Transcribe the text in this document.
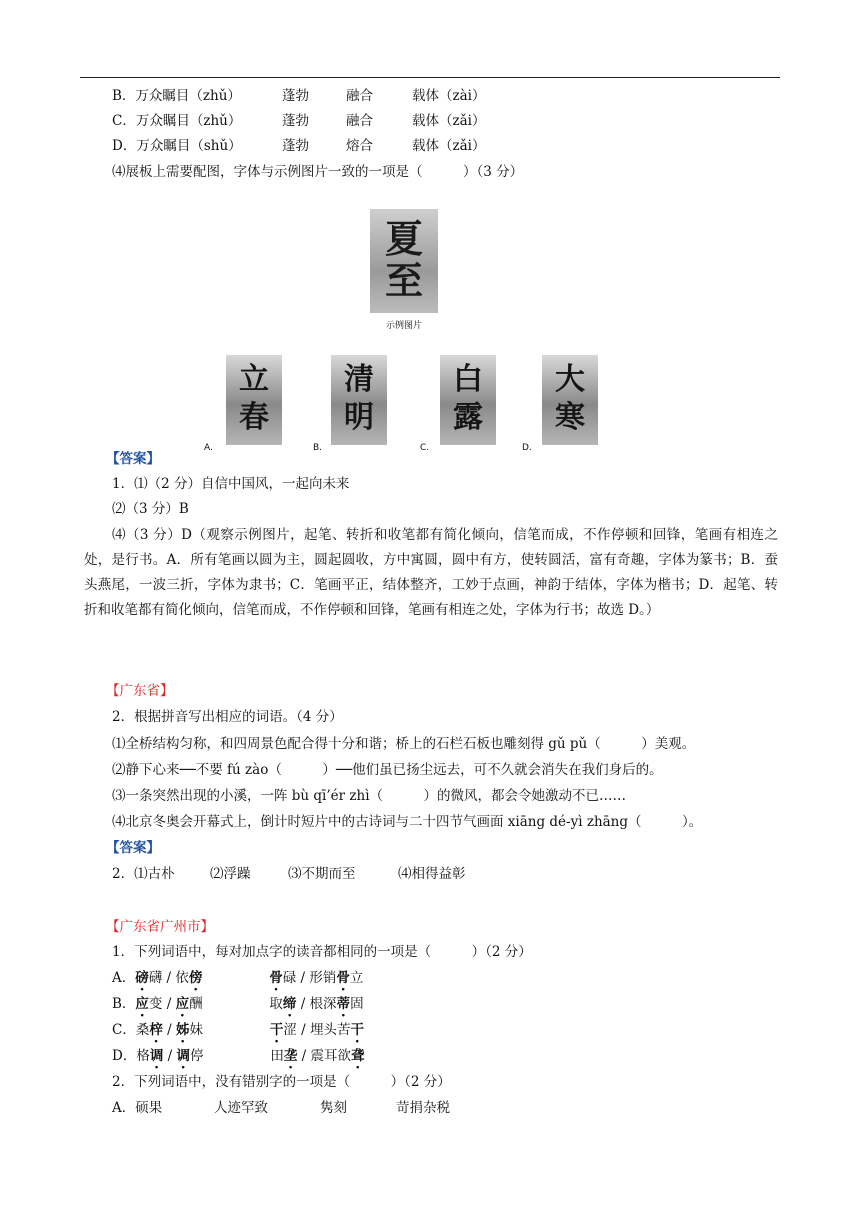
B．万众瞩目（zhǔ）	蓬勃	融合	载体（zài）
C．万众瞩目（zhǔ）	蓬勃	融合	载体（zǎi）
D．万众瞩目（shǔ）	蓬勃	熔合	载体（zǎi）
⑷展板上需要配图，字体与示例图片一致的一项是（　　　）（3 分）
夏
至
示例图片
立
春
A.
清
明
B.
白
露
C.
大
寒
D.
【答案】
1．⑴（2 分）自信中国风，一起向未来
⑵（3 分）B
⑷（3 分）D（观察示例图片，起笔、转折和收笔都有简化倾向，信笔而成，不作停顿和回锋，笔画有相连之处，是行书。A．所有笔画以圆为主，圆起圆收，方中寓圆，圆中有方，使转圆活，富有奇趣，字体为篆书；B．蚕头燕尾，一波三折，字体为隶书；C．笔画平正，结体整齐，工妙于点画，神韵于结体，字体为楷书；D．起笔、转折和收笔都有简化倾向，信笔而成，不作停顿和回锋，笔画有相连之处，字体为行书；故选 D。）
【广东省】
2．根据拼音写出相应的词语。（4 分）
⑴全桥结构匀称，和四周景色配合得十分和谐；桥上的石栏石板也雕刻得 gǔ pǔ（　　　）美观。
⑵静下心来──不要 fú zào（　　　）──他们虽已扬尘远去，可不久就会消失在我们身后的。
⑶一条突然出现的小溪，一阵 bù qī’ér zhì（　　　）的微风，都会令她激动不已……
⑷北京冬奥会开幕式上，倒计时短片中的古诗词与二十四节气画面 xiāng dé-yì zhāng（　　　）。
【答案】
2．⑴古朴	⑵浮躁	⑶不期而至	⑷相得益彰
【广东省广州市】
1．下列词语中，每对加点字的读音都相同的一项是（　　　）（2 分）
A．磅礴 / 依傍	骨碌 / 形销骨立
B．应变 / 应酬	取缔 / 根深蒂固
C．桑梓 / 姊妹	干涩 / 埋头苦干
D．格调 / 调停	田垄 / 震耳欲聋
2．下列词语中，没有错别字的一项是（　　　）（2 分）
A．硕果	人迹罕致	隽刻	苛捐杂税
